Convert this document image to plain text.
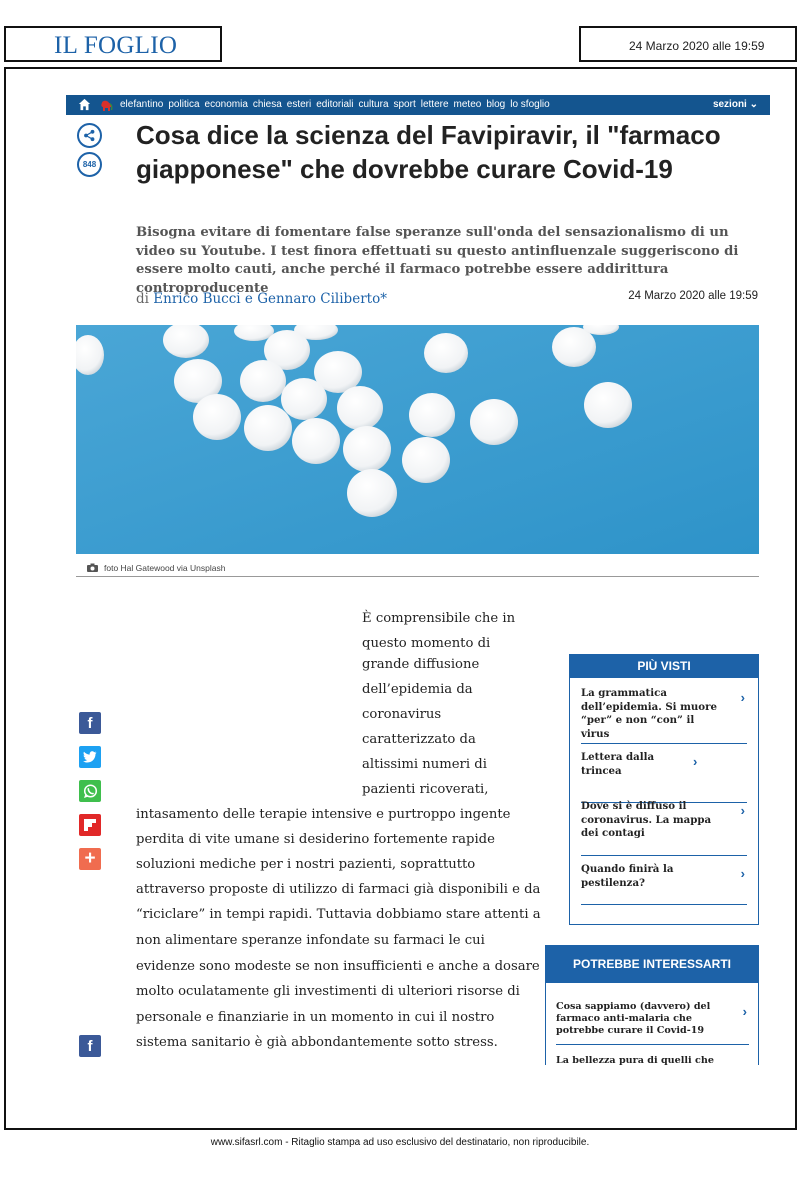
IL FOGLIO	24 Marzo 2020 alle 19:59
elefantino politica economia chiesa esteri editoriali cultura sport lettere meteo blog lo sfoglio	sezioni ⌄
848
Cosa dice la scienza del Favipiravir, il "farmaco giapponese" che dovrebbe curare Covid-19

Bisogna evitare di fomentare false speranze sull'onda del sensazionalismo di un video su Youtube. I test finora effettuati su questo antinfluenzale suggeriscono di essere molto cauti, anche perché il farmaco potrebbe essere addirittura controproducente

di Enrico Bucci e Gennaro Ciliberto*	24 Marzo 2020 alle 19:59
foto Hal Gatewood via Unsplash
f
+
f
È comprensibile che in
questo momento di
grande diffusione
dell’epidemia da
coronavirus
caratterizzato da
altissimi numeri di
pazienti ricoverati,
intasamento delle terapie intensive e purtroppo ingente
perdita di vite umane si desiderino fortemente rapide
soluzioni mediche per i nostri pazienti, soprattutto
attraverso proposte di utilizzo di farmaci già disponibili e da
“riciclare” in tempi rapidi. Tuttavia dobbiamo stare attenti a
non alimentare speranze infondate su farmaci le cui
evidenze sono modeste se non insufficienti e anche a dosare
molto oculatamente gli investimenti di ulteriori risorse di
personale e finanziarie in un momento in cui il nostro
sistema sanitario è già abbondantemente sotto stress.
PIÙ VISTI
La grammatica dell’epidemia. Si muore “per” e non “con” il virus
›
Lettera dalla trincea
›
Dove si è diffuso il coronavirus. La mappa dei contagi
›
Quando finirà la pestilenza?
›
POTREBBE INTERESSARTI
Cosa sappiamo (davvero) del farmaco anti-malaria che potrebbe curare il Covid-19
›
La bellezza pura di quelli che
www.sifasrl.com - Ritaglio stampa ad uso esclusivo del destinatario, non riproducibile.
